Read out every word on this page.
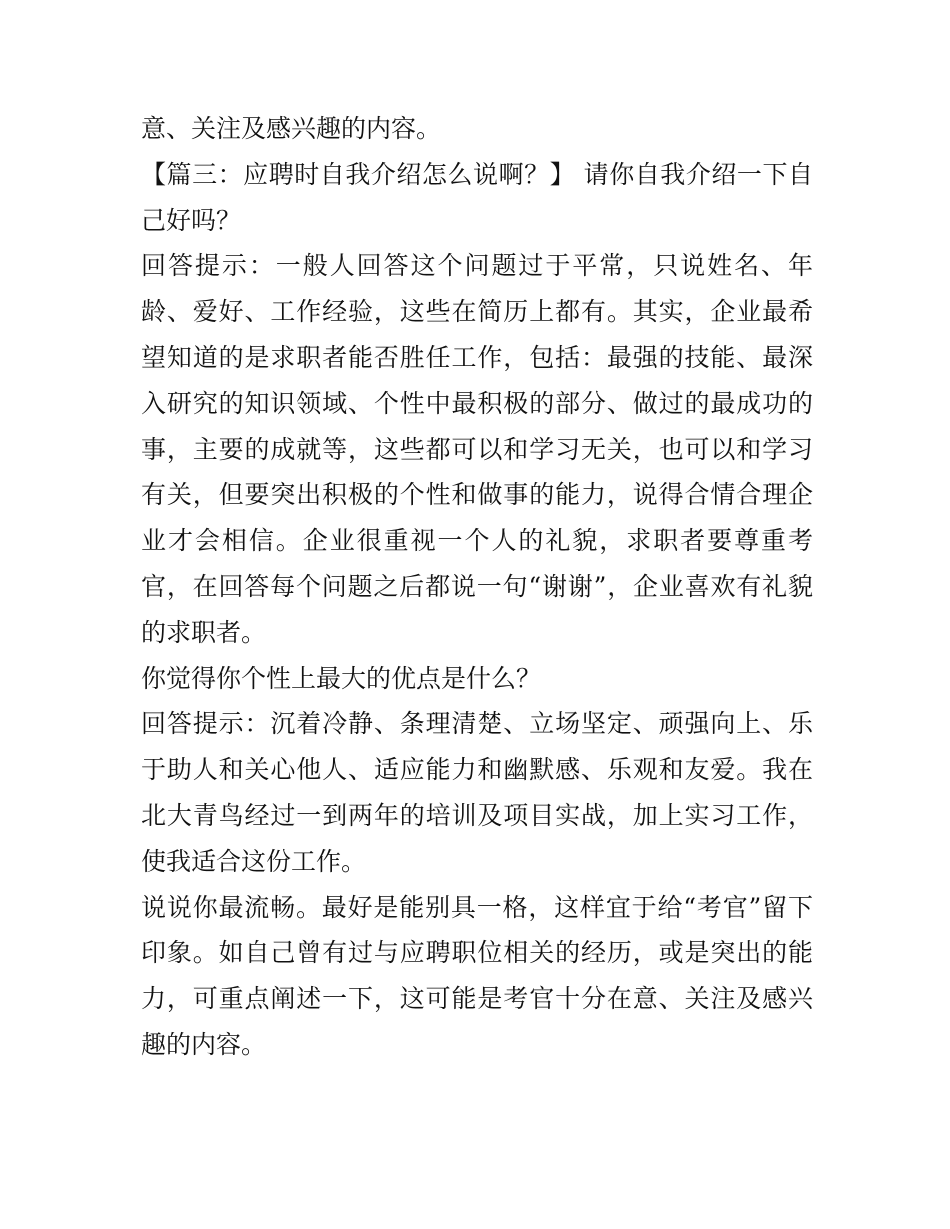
意、关注及感兴趣的内容。

【篇三：应聘时自我介绍怎么说啊？】 请你自我介绍一下自己好吗？

回答提示：一般人回答这个问题过于平常，只说姓名、年龄、爱好、工作经验，这些在简历上都有。其实，企业最希望知道的是求职者能否胜任工作，包括：最强的技能、最深入研究的知识领域、个性中最积极的部分、做过的最成功的事，主要的成就等，这些都可以和学习无关，也可以和学习有关，但要突出积极的个性和做事的能力，说得合情合理企业才会相信。企业很重视一个人的礼貌，求职者要尊重考官，在回答每个问题之后都说一句“谢谢”，企业喜欢有礼貌的求职者。

你觉得你个性上最大的优点是什么？

回答提示：沉着冷静、条理清楚、立场坚定、顽强向上、乐于助人和关心他人、适应能力和幽默感、乐观和友爱。我在北大青鸟经过一到两年的培训及项目实战，加上实习工作，使我适合这份工作。

说说你最流畅。最好是能别具一格，这样宜于给“考官”留下印象。如自己曾有过与应聘职位相关的经历，或是突出的能力，可重点阐述一下，这可能是考官十分在意、关注及感兴趣的内容。
